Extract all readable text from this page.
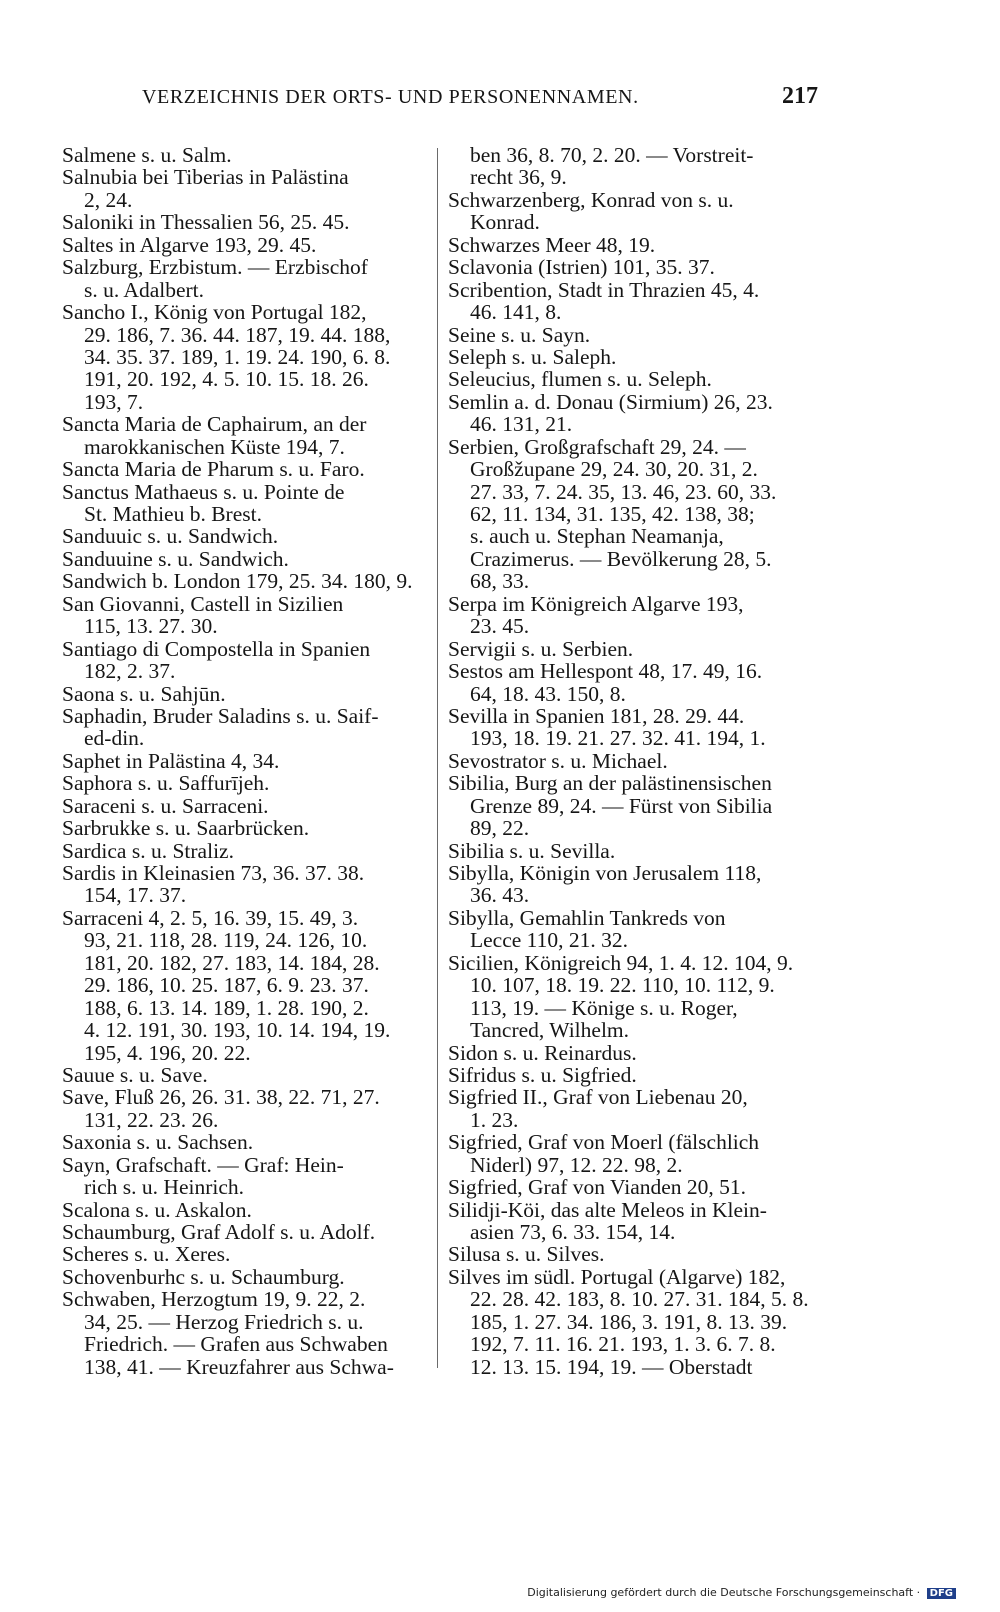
VERZEICHNIS DER ORTS- UND PERSONENNAMEN.	217
Salmene s. u. Salm.
Salnubia bei Tiberias in Palästina
2, 24.
Saloniki in Thessalien 56, 25. 45.
Saltes in Algarve 193, 29. 45.
Salzburg, Erzbistum. — Erzbischof
s. u. Adalbert.
Sancho I., König von Portugal 182,
29. 186, 7. 36. 44. 187, 19. 44. 188,
34. 35. 37. 189, 1. 19. 24. 190, 6. 8.
191, 20. 192, 4. 5. 10. 15. 18. 26.
193, 7.
Sancta Maria de Caphairum, an der
marokkanischen Küste 194, 7.
Sancta Maria de Pharum s. u. Faro.
Sanctus Mathaeus s. u. Pointe de
St. Mathieu b. Brest.
Sanduuic s. u. Sandwich.
Sanduuine s. u. Sandwich.
Sandwich b. London 179, 25. 34. 180, 9.
San Giovanni, Castell in Sizilien
115, 13. 27. 30.
Santiago di Compostella in Spanien
182, 2. 37.
Saona s. u. Sahjūn.
Saphadin, Bruder Saladins s. u. Saif-
ed-din.
Saphet in Palästina 4, 34.
Saphora s. u. Saffurījeh.
Saraceni s. u. Sarraceni.
Sarbrukke s. u. Saarbrücken.
Sardica s. u. Straliz.
Sardis in Kleinasien 73, 36. 37. 38.
154, 17. 37.
Sarraceni 4, 2. 5, 16. 39, 15. 49, 3.
93, 21. 118, 28. 119, 24. 126, 10.
181, 20. 182, 27. 183, 14. 184, 28.
29. 186, 10. 25. 187, 6. 9. 23. 37.
188, 6. 13. 14. 189, 1. 28. 190, 2.
4. 12. 191, 30. 193, 10. 14. 194, 19.
195, 4. 196, 20. 22.
Sauue s. u. Save.
Save, Fluß 26, 26. 31. 38, 22. 71, 27.
131, 22. 23. 26.
Saxonia s. u. Sachsen.
Sayn, Grafschaft. — Graf: Hein-
rich s. u. Heinrich.
Scalona s. u. Askalon.
Schaumburg, Graf Adolf s. u. Adolf.
Scheres s. u. Xeres.
Schovenburhc s. u. Schaumburg.
Schwaben, Herzogtum 19, 9. 22, 2.
34, 25. — Herzog Friedrich s. u.
Friedrich. — Grafen aus Schwaben
138, 41. — Kreuzfahrer aus Schwa-
ben 36, 8. 70, 2. 20. — Vorstreit-
recht 36, 9.
Schwarzenberg, Konrad von s. u.
Konrad.
Schwarzes Meer 48, 19.
Sclavonia (Istrien) 101, 35. 37.
Scribention, Stadt in Thrazien 45, 4.
46. 141, 8.
Seine s. u. Sayn.
Seleph s. u. Saleph.
Seleucius, flumen s. u. Seleph.
Semlin a. d. Donau (Sirmium) 26, 23.
46. 131, 21.
Serbien, Großgrafschaft 29, 24. —
Großžupane 29, 24. 30, 20. 31, 2.
27. 33, 7. 24. 35, 13. 46, 23. 60, 33.
62, 11. 134, 31. 135, 42. 138, 38;
s. auch u. Stephan Neamanja,
Crazimerus. — Bevölkerung 28, 5.
68, 33.
Serpa im Königreich Algarve 193,
23. 45.
Servigii s. u. Serbien.
Sestos am Hellespont 48, 17. 49, 16.
64, 18. 43. 150, 8.
Sevilla in Spanien 181, 28. 29. 44.
193, 18. 19. 21. 27. 32. 41. 194, 1.
Sevostrator s. u. Michael.
Sibilia, Burg an der palästinensischen
Grenze 89, 24. — Fürst von Sibilia
89, 22.
Sibilia s. u. Sevilla.
Sibylla, Königin von Jerusalem 118,
36. 43.
Sibylla, Gemahlin Tankreds von
Lecce 110, 21. 32.
Sicilien, Königreich 94, 1. 4. 12. 104, 9.
10. 107, 18. 19. 22. 110, 10. 112, 9.
113, 19. — Könige s. u. Roger,
Tancred, Wilhelm.
Sidon s. u. Reinardus.
Sifridus s. u. Sigfried.
Sigfried II., Graf von Liebenau 20,
1. 23.
Sigfried, Graf von Moerl (fälschlich
Niderl) 97, 12. 22. 98, 2.
Sigfried, Graf von Vianden 20, 51.
Silidji-Köi, das alte Meleos in Klein-
asien 73, 6. 33. 154, 14.
Silusa s. u. Silves.
Silves im südl. Portugal (Algarve) 182,
22. 28. 42. 183, 8. 10. 27. 31. 184, 5. 8.
185, 1. 27. 34. 186, 3. 191, 8. 13. 39.
192, 7. 11. 16. 21. 193, 1. 3. 6. 7. 8.
12. 13. 15. 194, 19. — Oberstadt
Digitalisierung gefördert durch die Deutsche Forschungsgemeinschaft · DFG
